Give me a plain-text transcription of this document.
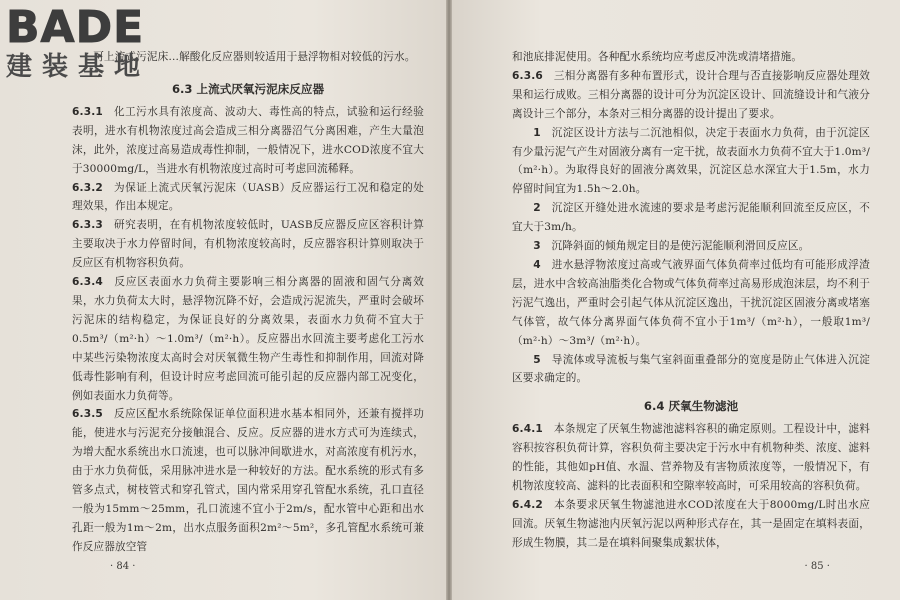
BADE
建装基地

可上流式污泥床…解酸化反应器则较适用于悬浮物相对较低的污水。

6.3 上流式厌氧污泥床反应器

6.3.1  化工污水具有浓度高、波动大、毒性高的特点，试验和运行经验表明，进水有机物浓度过高会造成三相分离器沼气分离困难，产生大量泡沫，此外，浓度过高易造成毒性抑制，一般情况下，进水COD浓度不宜大于30000mg/L，当进水有机物浓度过高时可考虑回流稀释。

6.3.2  为保证上流式厌氧污泥床（UASB）反应器运行工况和稳定的处理效果，作出本规定。

6.3.3  研究表明，在有机物浓度较低时，UASB反应器反应区容积计算主要取决于水力停留时间，有机物浓度较高时，反应器容积计算则取决于反应区有机物容积负荷。

6.3.4  反应区表面水力负荷主要影响三相分离器的固液和固气分离效果，水力负荷太大时，悬浮物沉降不好，会造成污泥流失，严重时会破坏污泥床的结构稳定，为保证良好的分离效果，表面水力负荷不宜大于0.5m³/（m²·h）～1.0m³/（m²·h）。反应器出水回流主要考虑化工污水中某些污染物浓度太高时会对厌氧微生物产生毒性和抑制作用，回流对降低毒性影响有利，但设计时应考虑回流可能引起的反应器内部工况变化，例如表面水力负荷等。

6.3.5  反应区配水系统除保证单位面积进水基本相同外，还兼有搅拌功能，使进水与污泥充分接触混合、反应。反应器的进水方式可为连续式，为增大配水系统出水口流速，也可以脉冲间歇进水，对高浓度有机污水，由于水力负荷低，采用脉冲进水是一种较好的方法。配水系统的形式有多管多点式，树枝管式和穿孔管式，国内常采用穿孔管配水系统，孔口直径一般为15mm～25mm，孔口流速不宜小于2m/s，配水管中心距和出水孔距一般为1m～2m，出水点服务面积2m²～5m²，多孔管配水系统可兼作反应器放空管

· 84 ·

和池底排泥使用。各种配水系统均应考虑反冲洗或清堵措施。

6.3.6  三相分离器有多种布置形式，设计合理与否直接影响反应器处理效果和运行成败。三相分离器的设计可分为沉淀区设计、回流缝设计和气液分离设计三个部分，本条对三相分离器的设计提出了要求。

1  沉淀区设计方法与二沉池相似，决定于表面水力负荷，由于沉淀区有少量污泥气产生对固液分离有一定干扰，故表面水力负荷不宜大于1.0m³/（m²·h）。为取得良好的固液分离效果，沉淀区总水深宜大于1.5m，水力停留时间宜为1.5h～2.0h。

2  沉淀区开缝处进水流速的要求是考虑污泥能顺利回流至反应区，不宜大于3m/h。

3  沉降斜面的倾角规定目的是使污泥能顺利滑回反应区。

4  进水悬浮物浓度过高或气液界面气体负荷率过低均有可能形成浮渣层，进水中含较高油脂类化合物或气体负荷率过高易形成泡沫层，均不利于污泥气逸出，严重时会引起气体从沉淀区逸出，干扰沉淀区固液分离或堵塞气体管，故气体分离界面气体负荷不宜小于1m³/（m²·h），一般取1m³/（m²·h）～3m³/（m²·h）。

5  导流体或导流板与集气室斜面重叠部分的宽度是防止气体进入沉淀区要求确定的。

6.4 厌氧生物滤池

6.4.1  本条规定了厌氧生物滤池滤料容积的确定原则。工程设计中，滤料容积按容积负荷计算，容积负荷主要决定于污水中有机物种类、浓度、滤料的性能，其他如pH值、水温、营养物及有害物质浓度等，一般情况下，有机物浓度较高、滤料的比表面积和空隙率较高时，可采用较高的容积负荷。

6.4.2  本条要求厌氧生物滤池进水COD浓度在大于8000mg/L时出水应回流。厌氧生物滤池内厌氧污泥以两种形式存在，其一是固定在填料表面，形成生物膜，其二是在填料间聚集成絮状体，

· 85 ·
